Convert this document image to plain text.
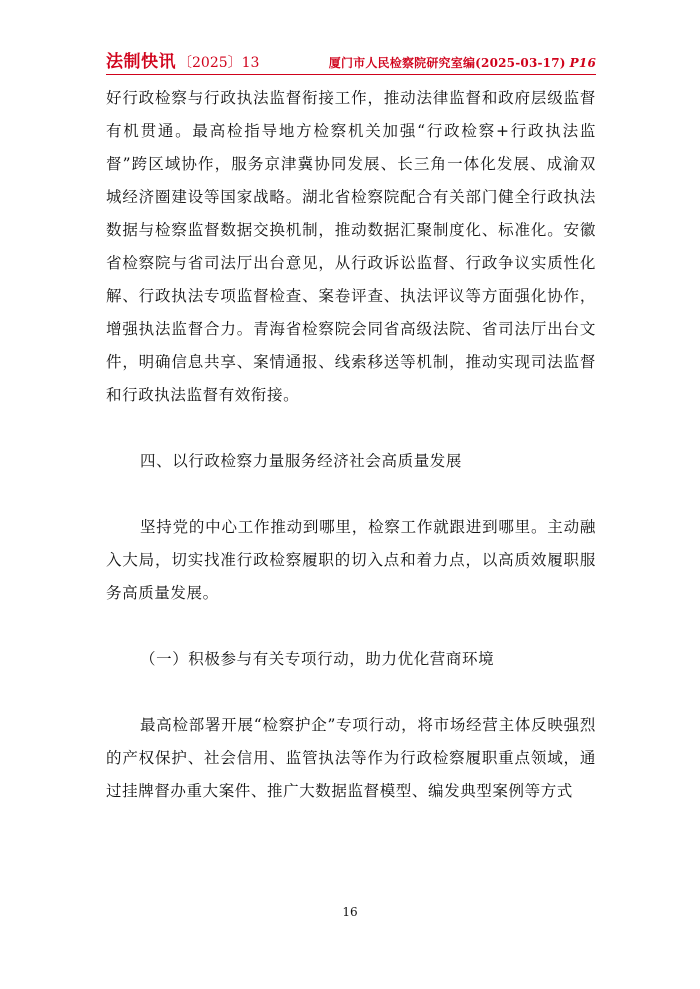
法制快讯 〔2025〕13	厦门市人民检察院研究室编(2025-03-17) P16

好行政检察与行政执法监督衔接工作，推动法律监督和政府层级监督有机贯通。最高检指导地方检察机关加强“行政检察+行政执法监督”跨区域协作，服务京津冀协同发展、长三角一体化发展、成渝双城经济圈建设等国家战略。湖北省检察院配合有关部门健全行政执法数据与检察监督数据交换机制，推动数据汇聚制度化、标准化。安徽省检察院与省司法厅出台意见，从行政诉讼监督、行政争议实质性化解、行政执法专项监督检查、案卷评查、执法评议等方面强化协作，增强执法监督合力。青海省检察院会同省高级法院、省司法厅出台文件，明确信息共享、案情通报、线索移送等机制，推动实现司法监督和行政执法监督有效衔接。

四、以行政检察力量服务经济社会高质量发展

坚持党的中心工作推动到哪里，检察工作就跟进到哪里。主动融入大局，切实找准行政检察履职的切入点和着力点，以高质效履职服务高质量发展。

（一）积极参与有关专项行动，助力优化营商环境

最高检部署开展“检察护企”专项行动，将市场经营主体反映强烈的产权保护、社会信用、监管执法等作为行政检察履职重点领域，通过挂牌督办重大案件、推广大数据监督模型、编发典型案例等方式

16
